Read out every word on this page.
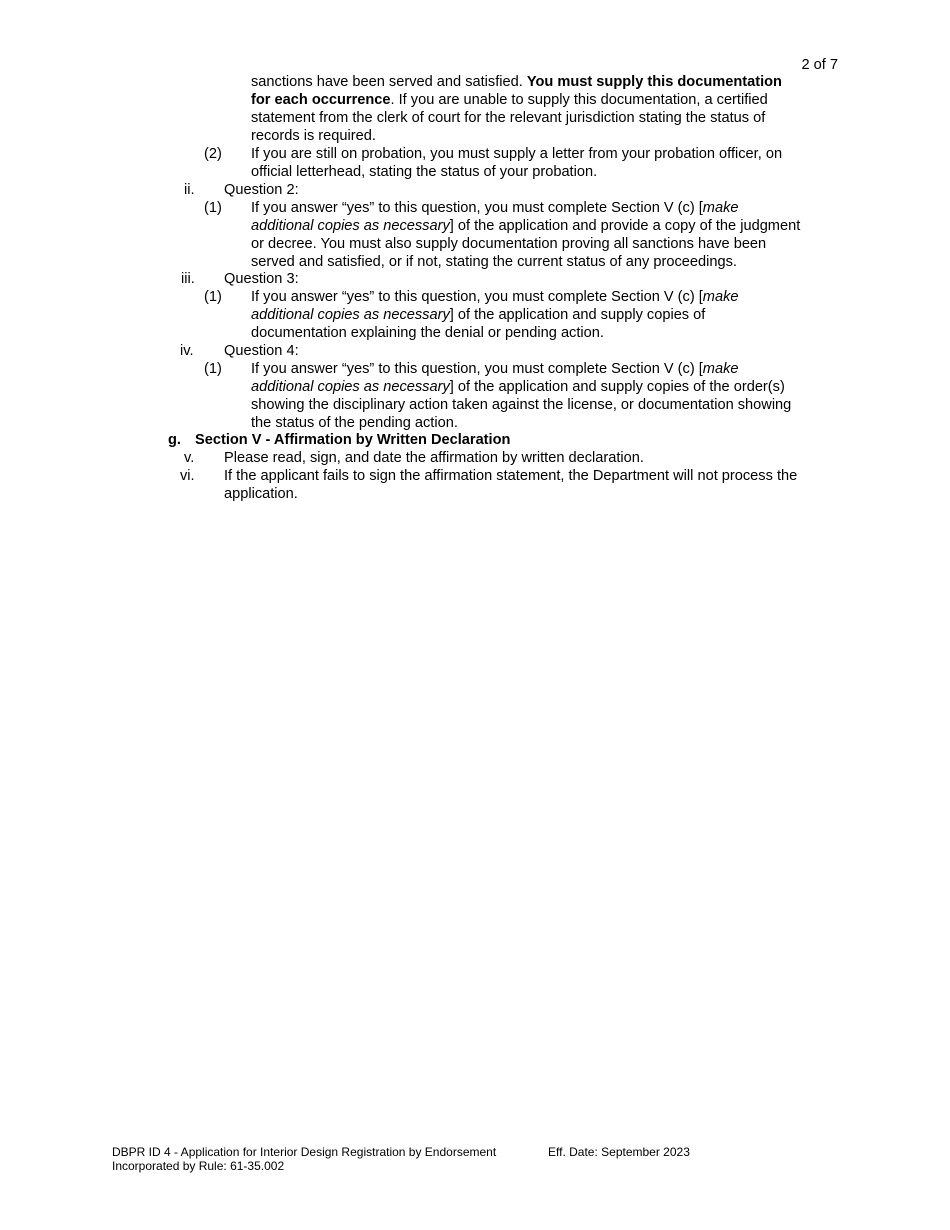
2 of 7
sanctions have been served and satisfied. You must supply this documentation
for each occurrence. If you are unable to supply this documentation, a certified
statement from the clerk of court for the relevant jurisdiction stating the status of
records is required.
(2) If you are still on probation, you must supply a letter from your probation officer, on
official letterhead, stating the status of your probation.
ii. Question 2:
(1) If you answer “yes” to this question, you must complete Section V (c) [make
additional copies as necessary] of the application and provide a copy of the judgment
or decree. You must also supply documentation proving all sanctions have been
served and satisfied, or if not, stating the current status of any proceedings.
iii. Question 3:
(1) If you answer “yes” to this question, you must complete Section V (c) [make
additional copies as necessary] of the application and supply copies of
documentation explaining the denial or pending action.
iv. Question 4:
(1) If you answer “yes” to this question, you must complete Section V (c) [make
additional copies as necessary] of the application and supply copies of the order(s)
showing the disciplinary action taken against the license, or documentation showing
the status of the pending action.
g. Section V - Affirmation by Written Declaration
v. Please read, sign, and date the affirmation by written declaration.
vi. If the applicant fails to sign the affirmation statement, the Department will not process the
application.
DBPR ID 4 - Application for Interior Design Registration by Endorsement
Incorporated by Rule: 61-35.002
Eff. Date: September 2023
